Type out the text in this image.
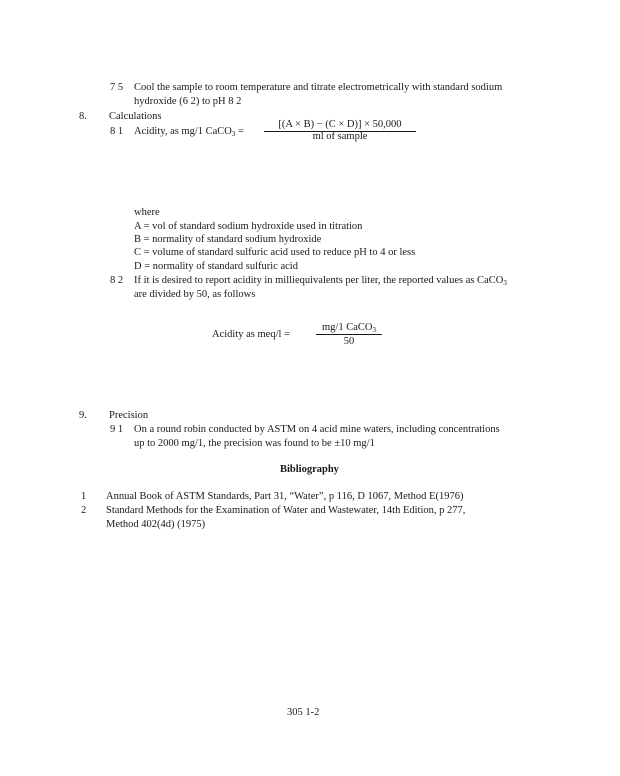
7 5 Cool the sample to room temperature and titrate electrometrically with standard sodium
hydroxide (6 2) to pH 8 2
8. Calculations
8 1 Acidity, as mg/1 CaCO$_3$ =
[(A × B) − (C × D)] × 50,000
ml of sample
where
A = vol of standard sodium hydroxide used in titration
B = normality of standard sodium hydroxide
C = volume of standard sulfuric acid used to reduce pH to 4 or less
D = normality of standard sulfuric acid
8 2 If it is desired to report acidity in milliequivalents per liter, the reported values as CaCO$_3$
are divided by 50, as follows
Acidity as meq/l =
mg/1 CaCO$_3$
50
9. Precision
9 1 On a round robin conducted by ASTM on 4 acid mine waters, including concentrations
up to 2000 mg/1, the precision was found to be ±10 mg/1
Bibliography
1 Annual Book of ASTM Standards, Part 31, “Water”, p 116, D 1067, Method E(1976)
2 Standard Methods for the Examination of Water and Wastewater, 14th Edition, p 277,
Method 402(4d) (1975)
305 1-2
